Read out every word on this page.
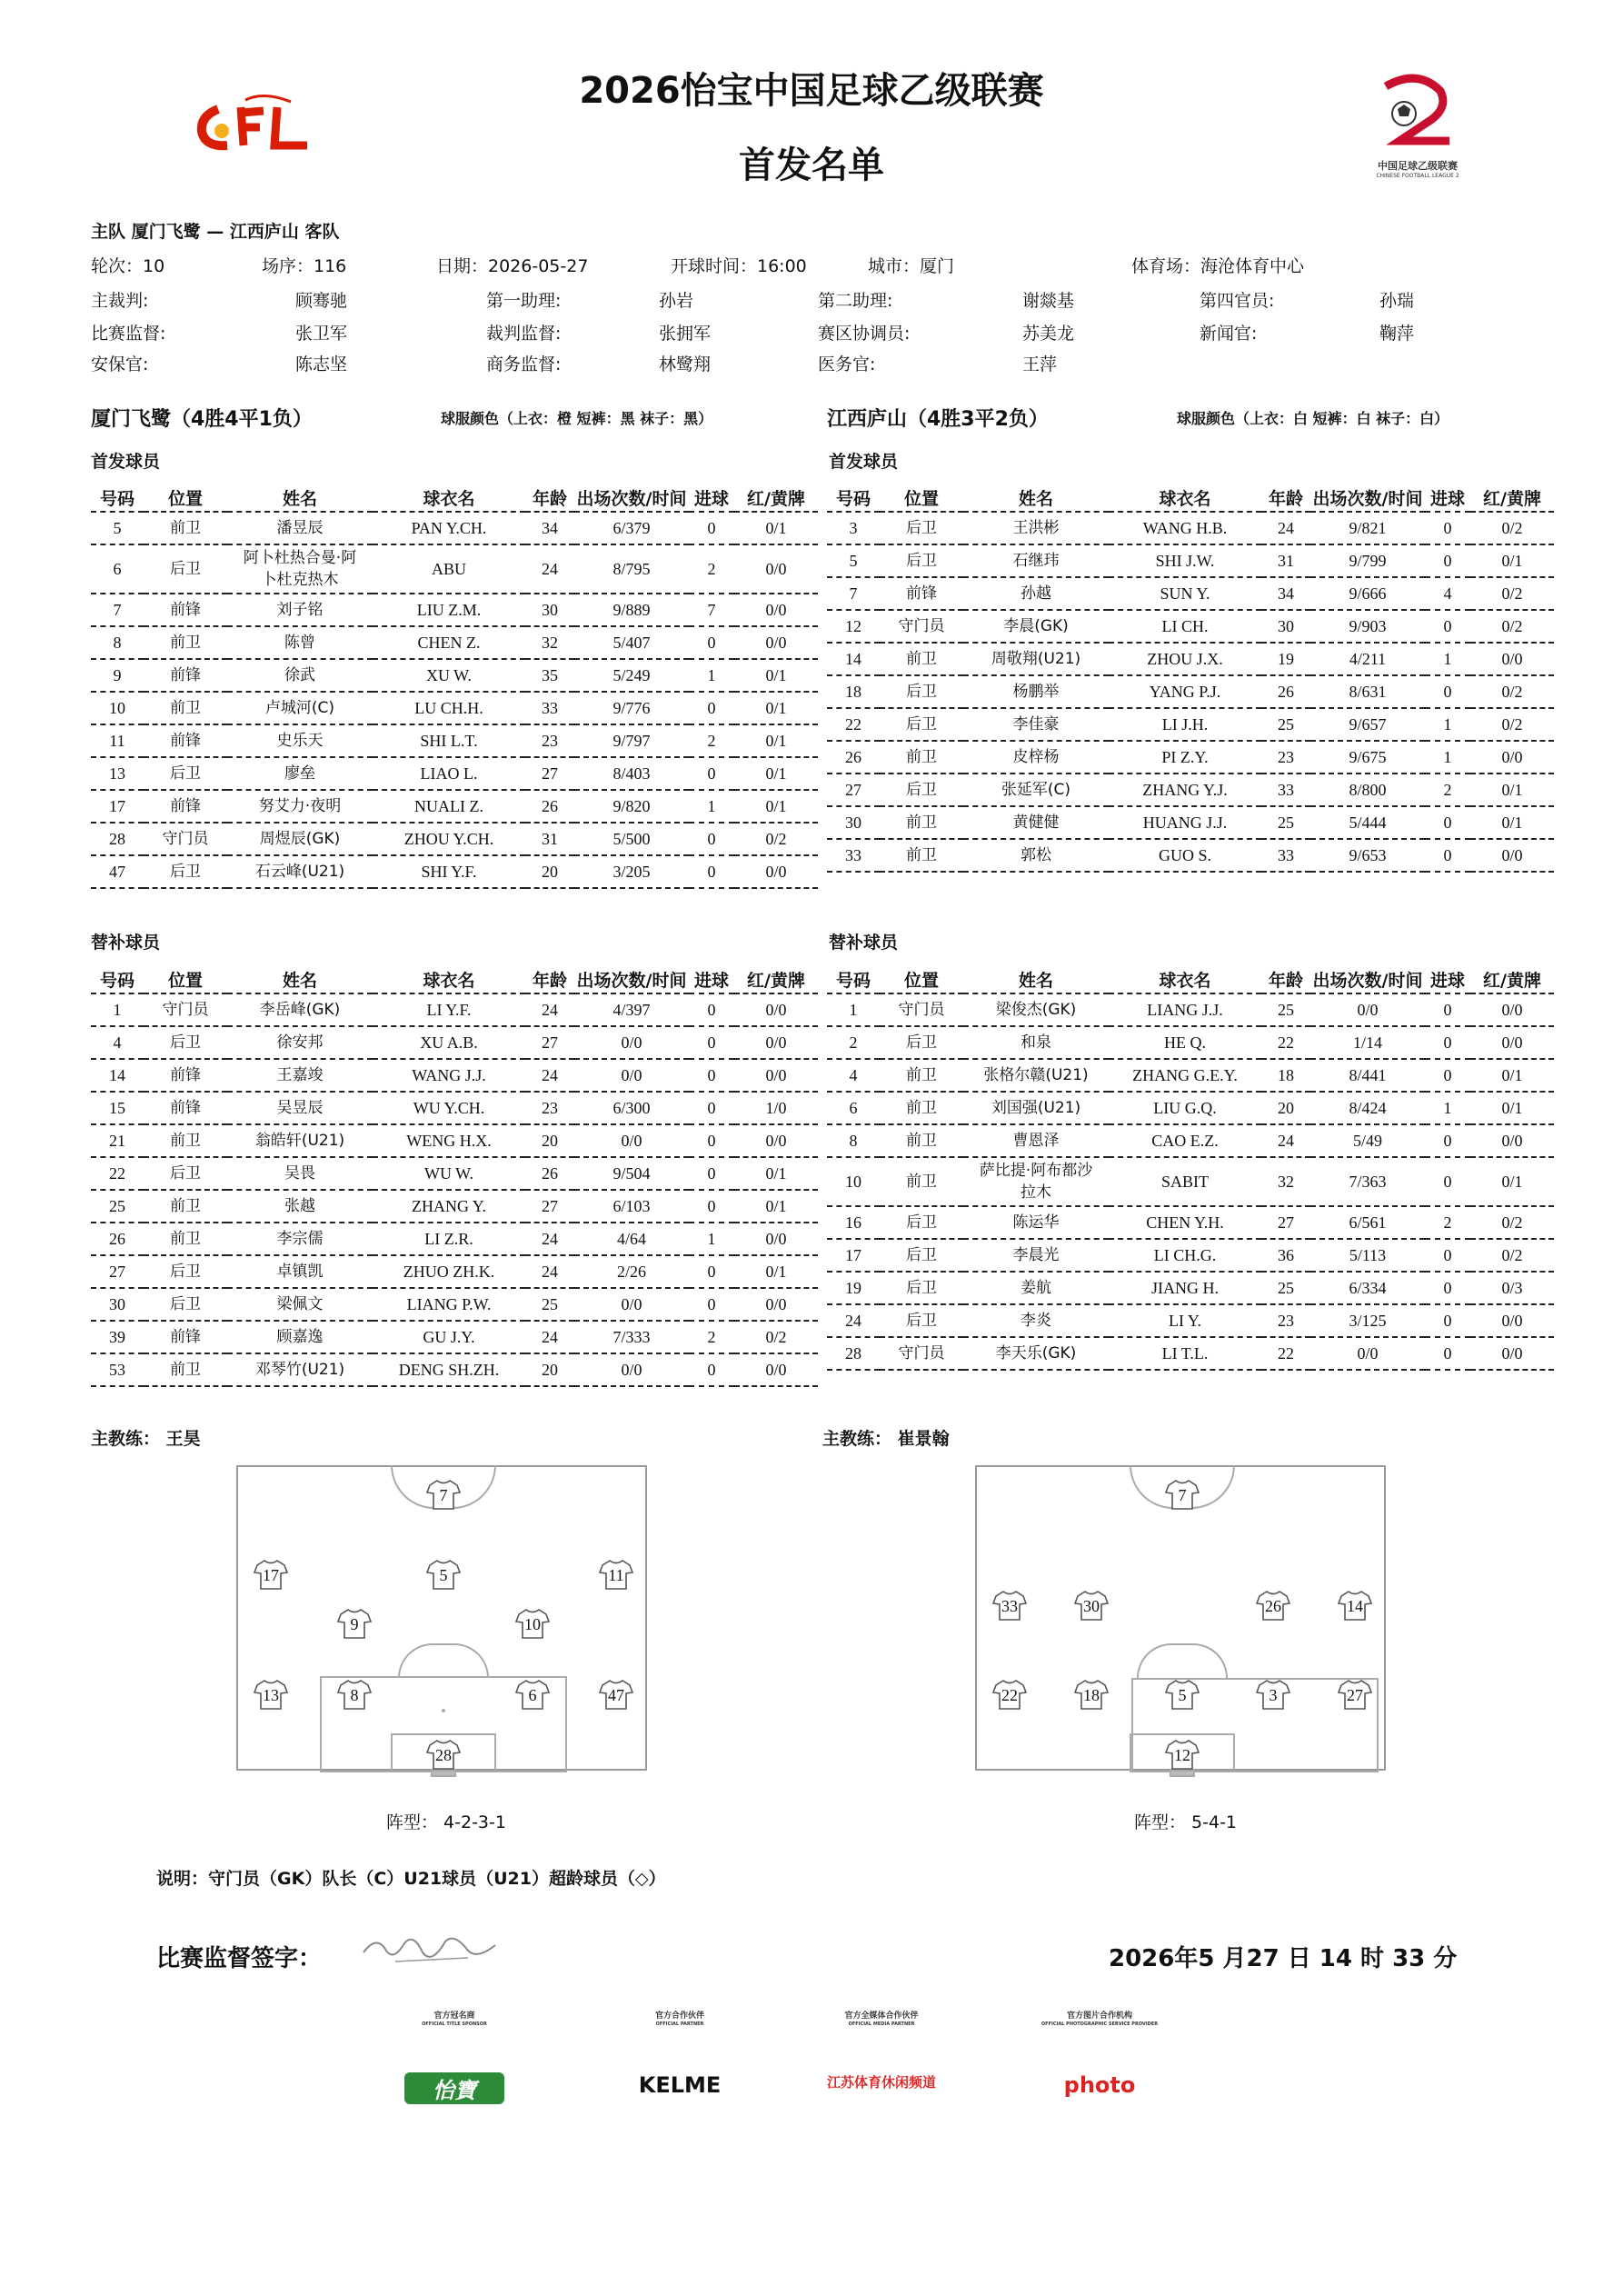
2026怡宝中国足球乙级联赛
首发名单	中国足球乙级联赛
CHINESE FOOTBALL LEAGUE 2
主队 厦门飞鹭 — 江西庐山 客队
轮次：10	场序：116	日期：2026-05-27	开球时间：16:00	城市：厦门	体育场：海沧体育中心
主裁判:	顾骞驰	第一助理:	孙岩	第二助理:	谢燚基	第四官员:	孙瑞
比赛监督:	张卫军	裁判监督:	张拥军	赛区协调员:	苏美龙	新闻官:	鞠萍
安保官:	陈志坚	商务监督:	林鹭翔	医务官:	王萍
厦门飞鹭（4胜4平1负）	球服颜色（上衣：橙 短裤：黑 袜子：黑）	江西庐山（4胜3平2负）	球服颜色（上衣：白 短裤：白 袜子：白）
首发球员	首发球员
替补球员	替补球员
号码	位置	姓名	球衣名	年龄	出场次数/时间	进球	红/黄牌
5	前卫	潘昱辰	PAN Y.CH.	34	6/379	0	0/1
6	后卫	阿卜杜热合曼·阿卜杜克热木	ABU	24	8/795	2	0/0
7	前锋	刘子铭	LIU Z.M.	30	9/889	7	0/0
8	前卫	陈曾	CHEN Z.	32	5/407	0	0/0
9	前锋	徐武	XU W.	35	5/249	1	0/1
10	前卫	卢城河(C)	LU CH.H.	33	9/776	0	0/1
11	前锋	史乐天	SHI L.T.	23	9/797	2	0/1
13	后卫	廖垒	LIAO L.	27	8/403	0	0/1
17	前锋	努艾力·夜明	NUALI Z.	26	9/820	1	0/1
28	守门员	周煜辰(GK)	ZHOU Y.CH.	31	5/500	0	0/2
47	后卫	石云峰(U21)	SHI Y.F.	20	3/205	0	0/0
号码	位置	姓名	球衣名	年龄	出场次数/时间	进球	红/黄牌
3	后卫	王洪彬	WANG H.B.	24	9/821	0	0/2
5	后卫	石继玮	SHI J.W.	31	9/799	0	0/1
7	前锋	孙越	SUN Y.	34	9/666	4	0/2
12	守门员	李晨(GK)	LI CH.	30	9/903	0	0/2
14	前卫	周敬翔(U21)	ZHOU J.X.	19	4/211	1	0/0
18	后卫	杨鹏举	YANG P.J.	26	8/631	0	0/2
22	后卫	李佳豪	LI J.H.	25	9/657	1	0/2
26	前卫	皮梓杨	PI Z.Y.	23	9/675	1	0/0
27	后卫	张延军(C)	ZHANG Y.J.	33	8/800	2	0/1
30	前卫	黄健健	HUANG J.J.	25	5/444	0	0/1
33	前卫	郭松	GUO S.	33	9/653	0	0/0
号码	位置	姓名	球衣名	年龄	出场次数/时间	进球	红/黄牌
1	守门员	李岳峰(GK)	LI Y.F.	24	4/397	0	0/0
4	后卫	徐安邦	XU A.B.	27	0/0	0	0/0
14	前锋	王嘉竣	WANG J.J.	24	0/0	0	0/0
15	前锋	吴昱辰	WU Y.CH.	23	6/300	0	1/0
21	前卫	翁皓轩(U21)	WENG H.X.	20	0/0	0	0/0
22	后卫	吴畏	WU W.	26	9/504	0	0/1
25	前卫	张越	ZHANG Y.	27	6/103	0	0/1
26	前卫	李宗儒	LI Z.R.	24	4/64	1	0/0
27	后卫	卓镇凯	ZHUO ZH.K.	24	2/26	0	0/1
30	后卫	梁佩文	LIANG P.W.	25	0/0	0	0/0
39	前锋	顾嘉逸	GU J.Y.	24	7/333	2	0/2
53	前卫	邓琴竹(U21)	DENG SH.ZH.	20	0/0	0	0/0
号码	位置	姓名	球衣名	年龄	出场次数/时间	进球	红/黄牌
1	守门员	梁俊杰(GK)	LIANG J.J.	25	0/0	0	0/0
2	后卫	和泉	HE Q.	22	1/14	0	0/0
4	前卫	张格尔赣(U21)	ZHANG G.E.Y.	18	8/441	0	0/1
6	前卫	刘国强(U21)	LIU G.Q.	20	8/424	1	0/1
8	前卫	曹恩泽	CAO E.Z.	24	5/49	0	0/0
10	前卫	萨比提·阿布都沙拉木	SABIT	32	7/363	0	0/1
16	后卫	陈运华	CHEN Y.H.	27	6/561	2	0/2
17	后卫	李晨光	LI CH.G.	36	5/113	0	0/2
19	后卫	姜航	JIANG H.	25	6/334	0	0/3
24	后卫	李炎	LI Y.	23	3/125	0	0/0
28	守门员	李天乐(GK)	LI T.L.	22	0/0	0	0/0
主教练： 王昊	主教练： 崔景翰
7
17	5	11
9	10
13	8	6	47
28
7
33	30	26	14
22	18	5	3	27
12
阵型： 4-2-3-1	阵型： 5-4-1
说明：守门员（GK）队长（C）U21球员（U21）超龄球员（◇）
比赛监督签字：	2026年5 月27 日 14 时 33 分
官方冠名商
OFFICIAL TITLE SPONSOR
怡寶
官方合作伙伴
OFFICIAL PARTNER
KELME
官方全媒体合作伙伴
OFFICIAL MEDIA PARTNER
江苏体育休闲频道
官方图片合作机构
OFFICIAL PHOTOGRAPHIC SERVICE PROVIDER
photo
